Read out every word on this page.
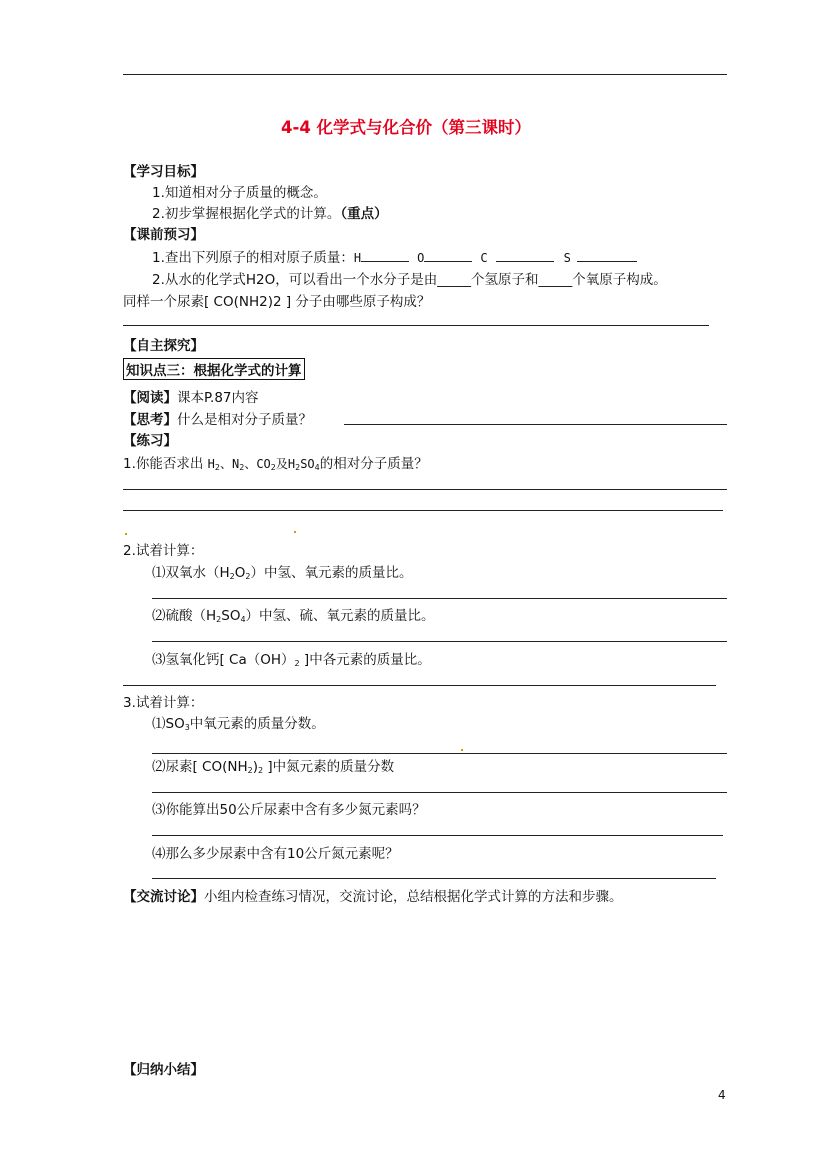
4-4 化学式与化合价（第三课时）
【学习目标】
1.知道相对分子质量的概念。
2.初步掌握根据化学式的计算。（重点）
【课前预习】
1.查出下列原子的相对原子质量：H	O	C	S
2.从水的化学式H2O，可以看出一个水分子是由_____个氢原子和_____个氧原子构成。
同样一个尿素[ CO(NH2)2 ] 分子由哪些原子构成？
【自主探究】
知识点三：根据化学式的计算
【阅读】课本P.87内容
【思考】什么是相对分子质量？
【练习】
1.你能否求出 $H_2$、$N_2$、$CO_2$及$H_2SO_4$的相对分子质量？
2.试着计算：
⑴双氧水$(H_2O_2)$中氢、氧元素的质量比。
⑵硫酸$(H_2SO_4)$中氢、硫、氧元素的质量比。
⑶氢氧化钙[ $Ca(OH)_2$ ]中各元素的质量比。
3.试着计算：
$⑴SO_3$中氧元素的质量分数。
⑵尿素[ $CO(NH_2)_2$ ]中氮元素的质量分数
⑶你能算出50公斤尿素中含有多少氮元素吗？
⑷那么多少尿素中含有10公斤氮元素呢？
【交流讨论】小组内检查练习情况，交流讨论，总结根据化学式计算的方法和步骤。
【归纳小结】
4
